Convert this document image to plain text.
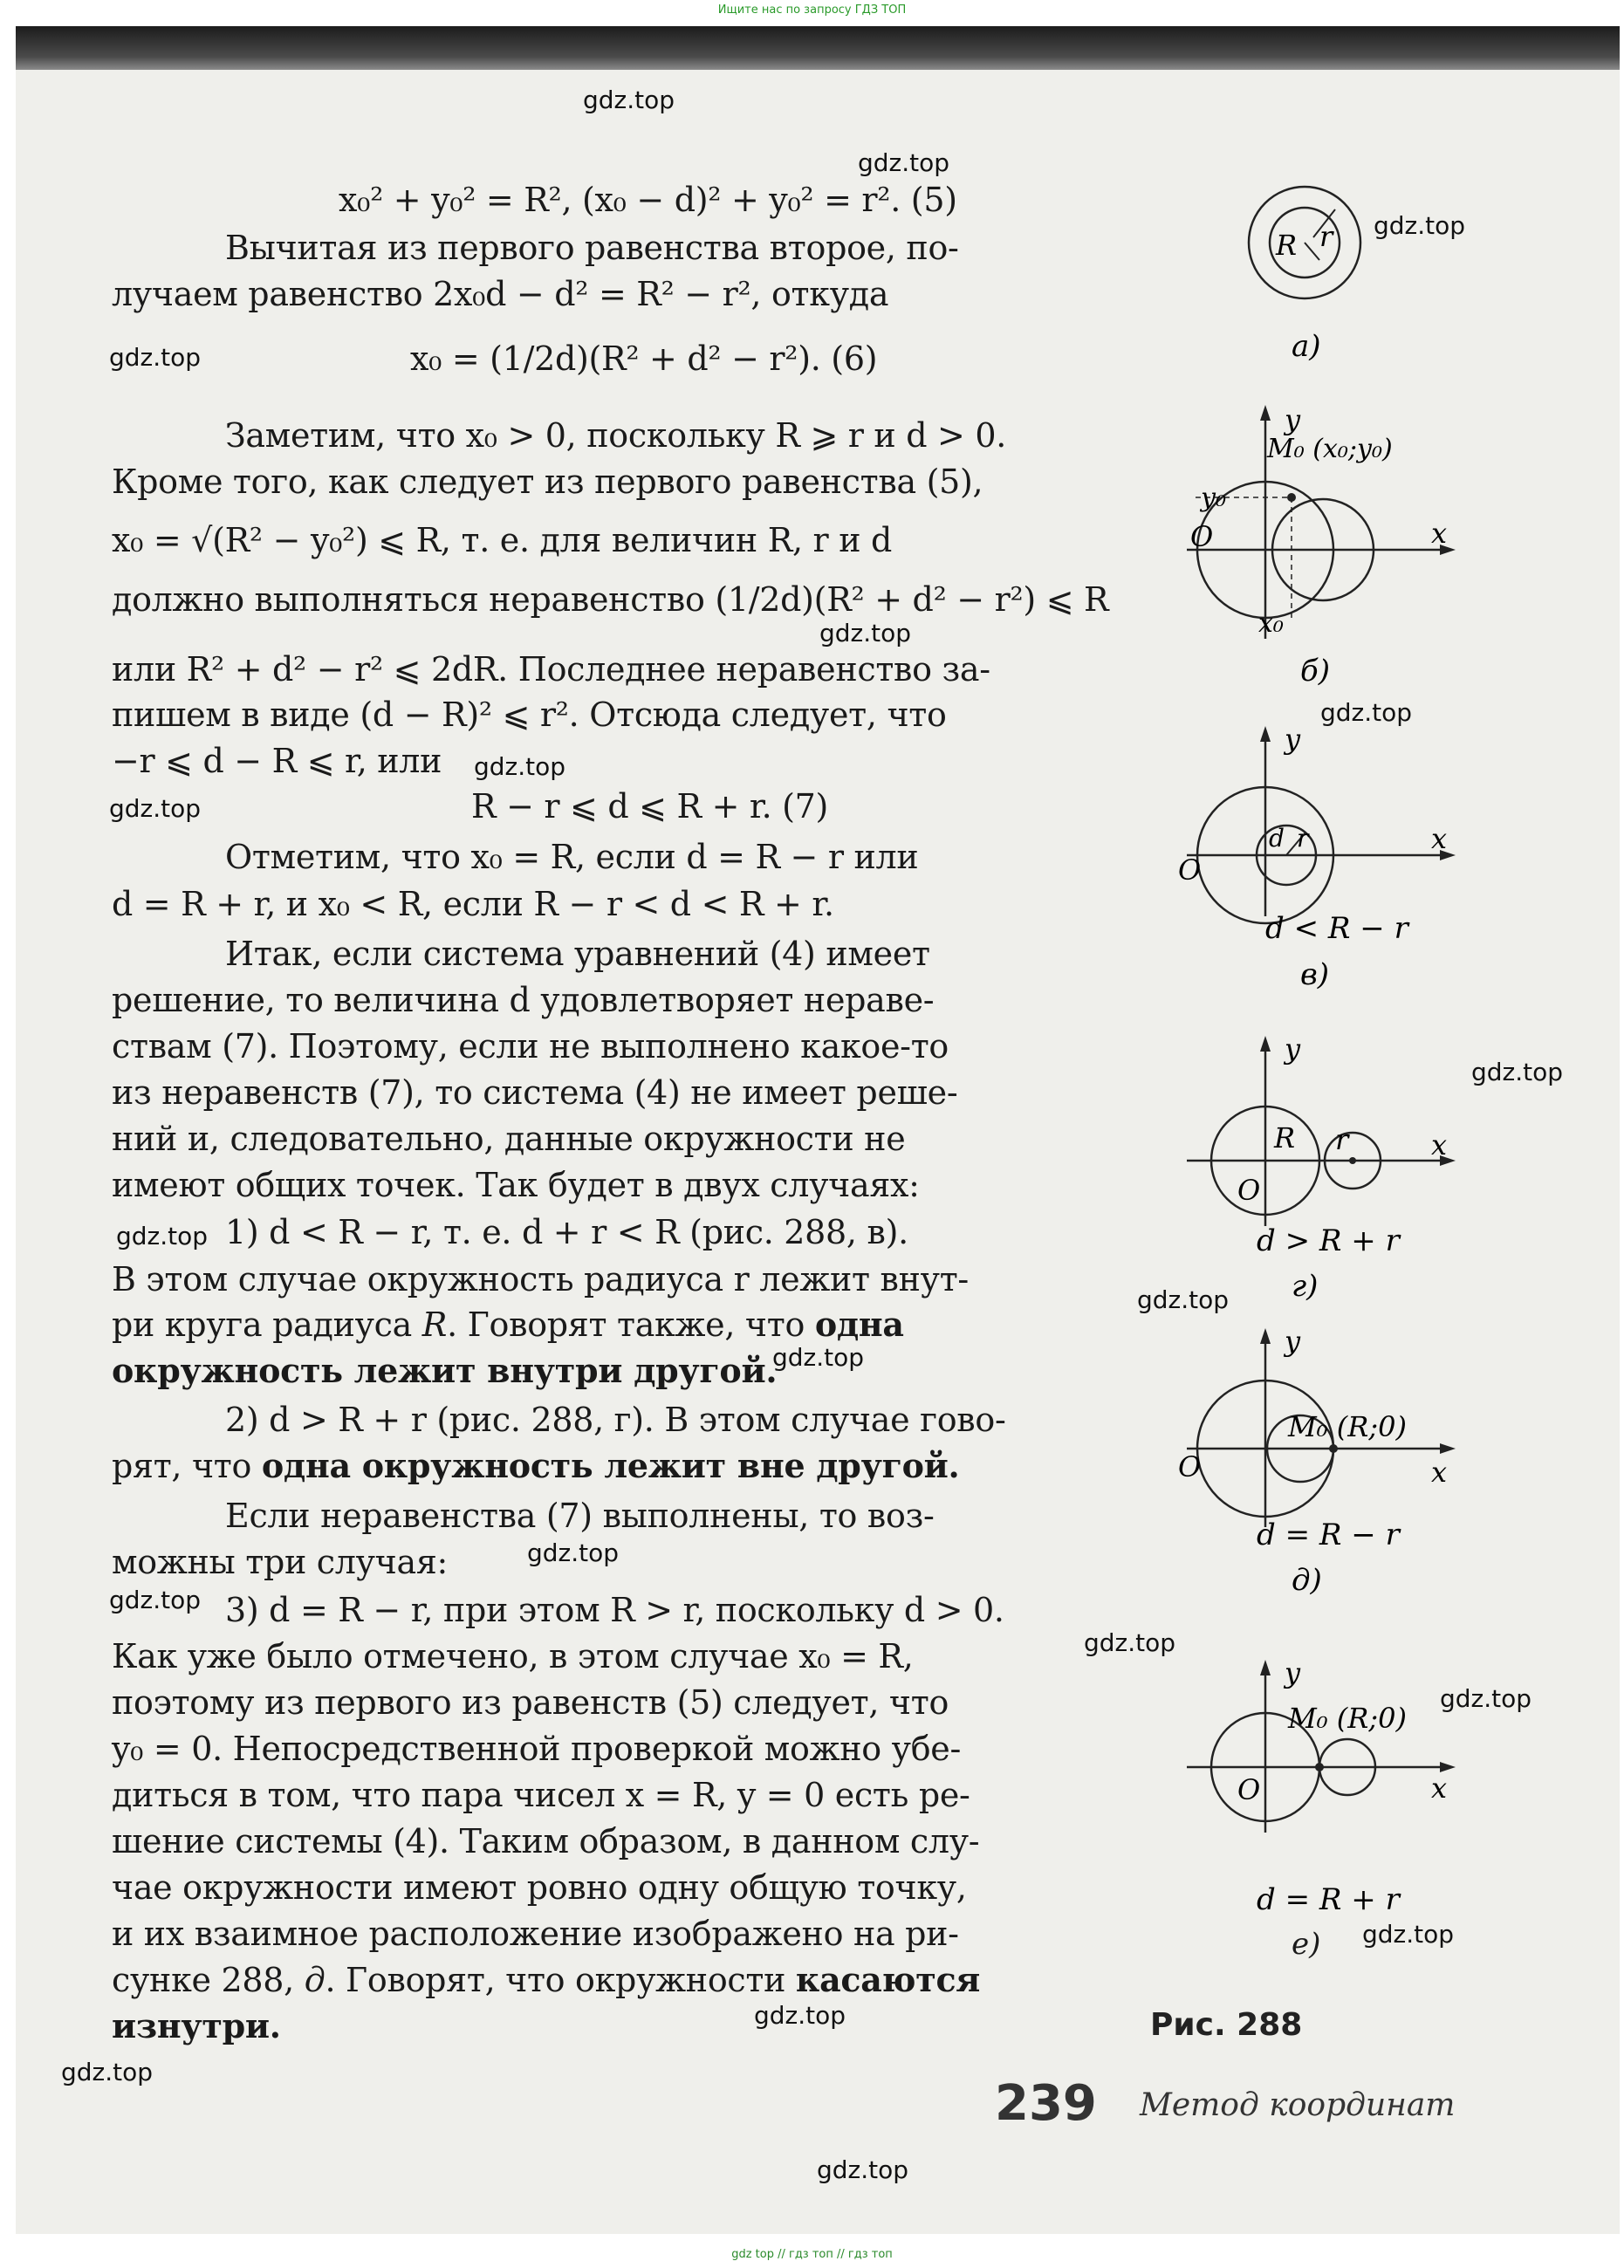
Ищите нас по запросу ГДЗ ТОП
gdz.top
gdz.top
gdz.top
gdz.top
gdz.top
gdz.top
gdz.top
gdz.top
gdz.top
gdz.top
gdz.top
gdz.top
gdz.top
gdz.top
gdz.top
gdz.top
gdz.top
gdz.top
gdz.top
gdz.top
x₀² + y₀² = R², (x₀ − d)² + y₀² = r². (5)
Вычитая из первого равенства второе, по-
лучаем равенство 2x₀d − d² = R² − r², откуда
x₀ = (1/2d)(R² + d² − r²). (6)
Заметим, что x₀ > 0, поскольку R ⩾ r и d > 0.
Кроме того, как следует из первого равенства (5),
x₀ = √(R² − y₀²) ⩽ R, т. е. для величин R, r и d
должно выполняться неравенство (1/2d)(R² + d² − r²) ⩽ R
или R² + d² − r² ⩽ 2dR. Последнее неравенство за-
пишем в виде (d − R)² ⩽ r². Отсюда следует, что
−r ⩽ d − R ⩽ r, или
R − r ⩽ d ⩽ R + r. (7)
Отметим, что x₀ = R, если d = R − r или
d = R + r, и x₀ < R, если R − r < d < R + r.
Итак, если система уравнений (4) имеет
решение, то величина d удовлетворяет нераве-
ствам (7). Поэтому, если не выполнено какое-то
из неравенств (7), то система (4) не имеет реше-
ний и, следовательно, данные окружности не
имеют общих точек. Так будет в двух случаях:
1) d < R − r, т. е. d + r < R (рис. 288, в).
В этом случае окружность радиуса r лежит внут-
ри круга радиуса R. Говорят также, что одна
окружность лежит внутри другой.
2) d > R + r (рис. 288, г). В этом случае гово-
рят, что одна окружность лежит вне другой.
Если неравенства (7) выполнены, то воз-
можны три случая:
3) d = R − r, при этом R > r, поскольку d > 0.
Как уже было отмечено, в этом случае x₀ = R,
поэтому из первого из равенств (5) следует, что
y₀ = 0. Непосредственной проверкой можно убе-
диться в том, что пара чисел x = R, y = 0 есть ре-
шение системы (4). Таким образом, в данном слу-
чае окружности имеют ровно одну общую точку,
и их взаимное расположение изображено на ри-
сунке 288, д. Говорят, что окружности касаются
изнутри.
R r
а)
y
M₀ (x₀;y₀)
y₀
O	x
x₀
б)
y
d r
O
x
d < R − r
в)
y
R r
O
x
d > R + r
г)
y
M₀ (R;0)
O	x
d = R − r
д)
y
M₀ (R;0)
O	x
d = R + r
е)
Рис. 288
239 Метод координат
gdz top // гдз топ // гдз топ
